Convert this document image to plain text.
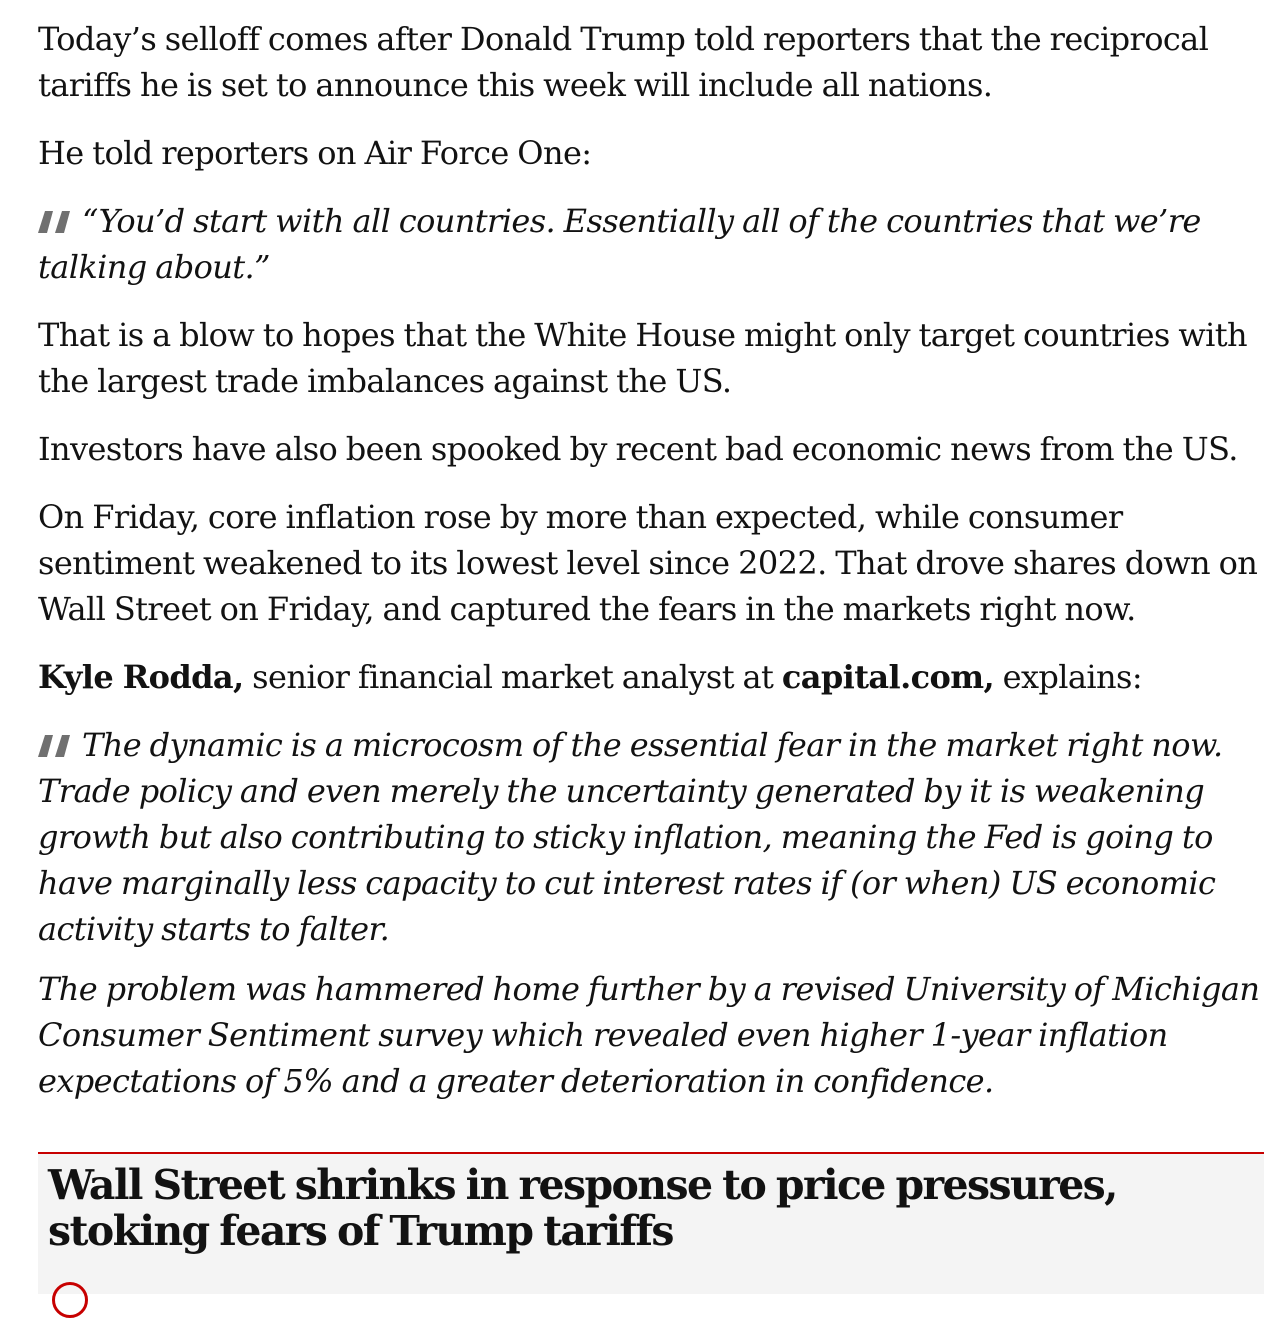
Today’s selloff comes after Donald Trump told reporters that the reciprocal tariffs he is set to announce this week will include all nations.

He told reporters on Air Force One:

“You’d start with all countries. Essentially all of the countries that we’re talking about.”

That is a blow to hopes that the White House might only target countries with the largest trade imbalances against the US.

Investors have also been spooked by recent bad economic news from the US.

On Friday, core inflation rose by more than expected, while consumer sentiment weakened to its lowest level since 2022. That drove shares down on Wall Street on Friday, and captured the fears in the markets right now.

Kyle Rodda, senior financial market analyst at capital.com, explains:

The dynamic is a microcosm of the essential fear in the market right now. Trade policy and even merely the uncertainty generated by it is weakening growth but also contributing to sticky inflation, meaning the Fed is going to have marginally less capacity to cut interest rates if (or when) US economic activity starts to falter.

The problem was hammered home further by a revised University of Michigan Consumer Sentiment survey which revealed even higher 1-year inflation expectations of 5% and a greater deterioration in confidence.

Wall Street shrinks in response to price pressures, stoking fears of Trump tariffs
